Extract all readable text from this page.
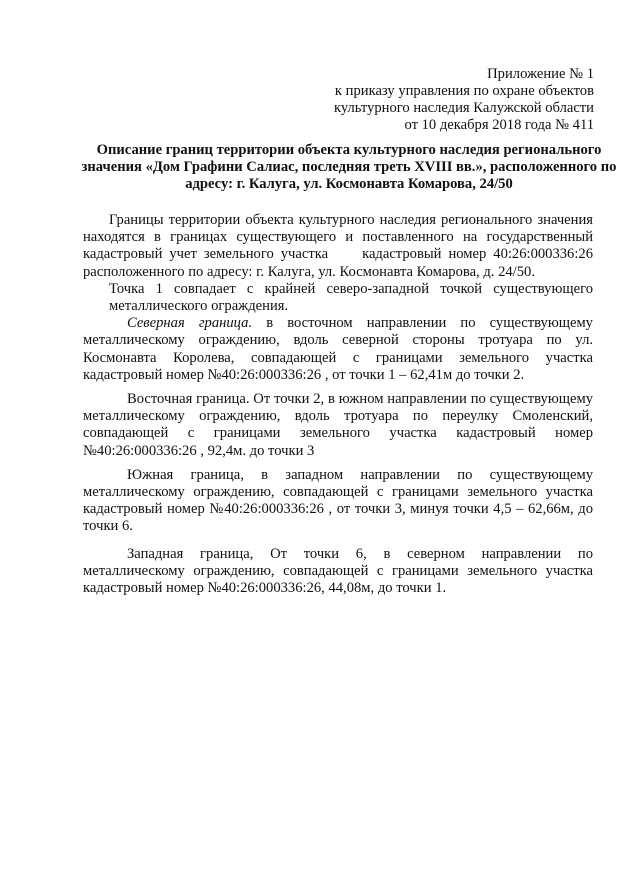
Приложение № 1
к приказу управления по охране объектов
культурного наследия Калужской области
от 10 декабря 2018 года № 411
Описание границ территории объекта культурного наследия регионального
значения «Дом Графини Салиас, последняя треть XVIII вв.», расположенного по
адресу: г. Калуга, ул. Космонавта Комарова, 24/50

Границы территории объекта культурного наследия регионального значения находятся в границах существующего и поставленного на государственный кадастровый учет земельного участка кадастровый номер 40:26:000336:26 расположенного по адресу: г. Калуга, ул. Космонавта Комарова, д. 24/50.

Точка 1 совпадает с крайней северо-западной точкой существующего металлического ограждения.

Северная граница. в восточном направлении по существующему металлическому ограждению, вдоль северной стороны тротуара по ул. Космонавта Королева, совпадающей с границами земельного участка кадастровый номер №40:26:000336:26 , от точки 1 – 62,41м до точки 2.

Восточная граница. От точки 2, в южном направлении по существующему металлическому ограждению, вдоль тротуара по переулку Смоленский, совпадающей с границами земельного участка кадастровый номер №40:26:000336:26 , 92,4м. до точки 3

Южная граница, в западном направлении по существующему металлическому ограждению, совпадающей с границами земельного участка кадастровый номер №40:26:000336:26 , от точки 3, минуя точки 4,5 – 62,66м, до точки 6.

Западная граница, От точки 6, в северном направлении по металлическому ограждению, совпадающей с границами земельного участка кадастровый номер №40:26:000336:26, 44,08м, до точки 1.
